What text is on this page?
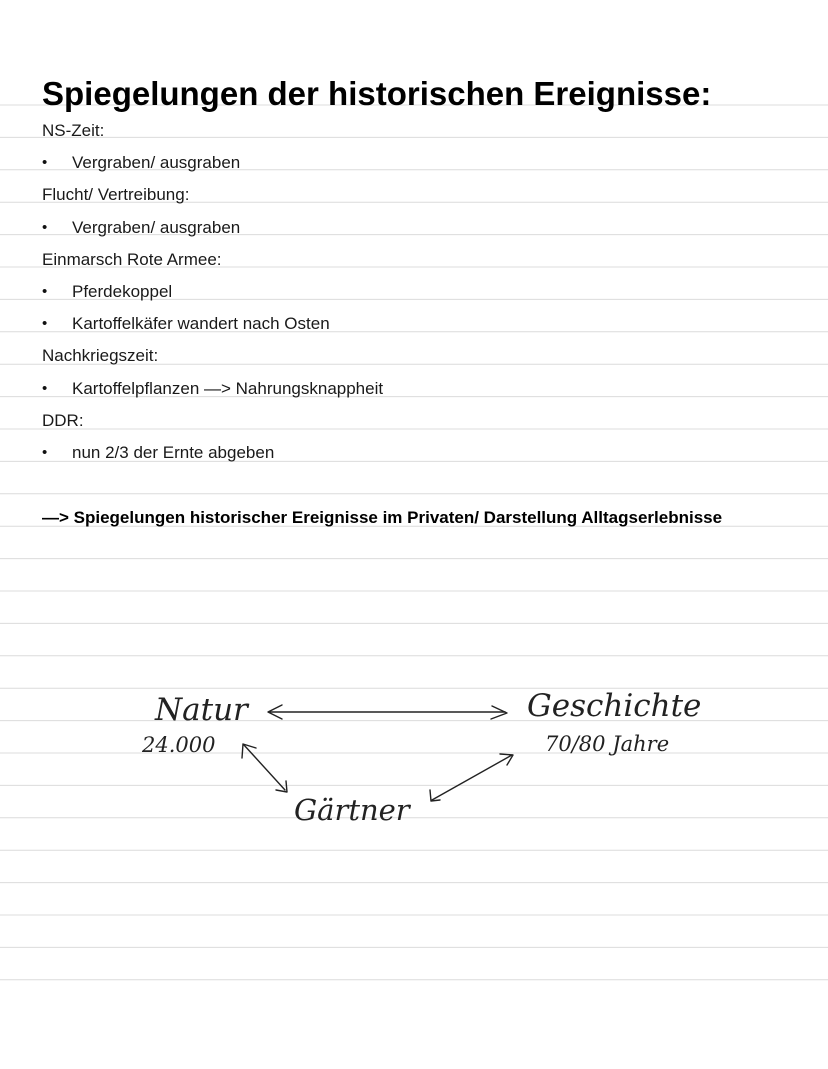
Spiegelungen der historischen Ereignisse:
NS-Zeit:
• Vergraben/ ausgraben
Flucht/ Vertreibung:
• Vergraben/ ausgraben
Einmarsch Rote Armee:
• Pferdekoppel
• Kartoffelkäfer wandert nach Osten
Nachkriegszeit:
• Kartoffelpflanzen —> Nahrungsknappheit
DDR:
• nun 2/3 der Ernte abgeben
—> Spiegelungen historischer Ereignisse im Privaten/ Darstellung Alltagserlebnisse
Natur
24.000
Geschichte
70/80 Jahre
Gärtner
